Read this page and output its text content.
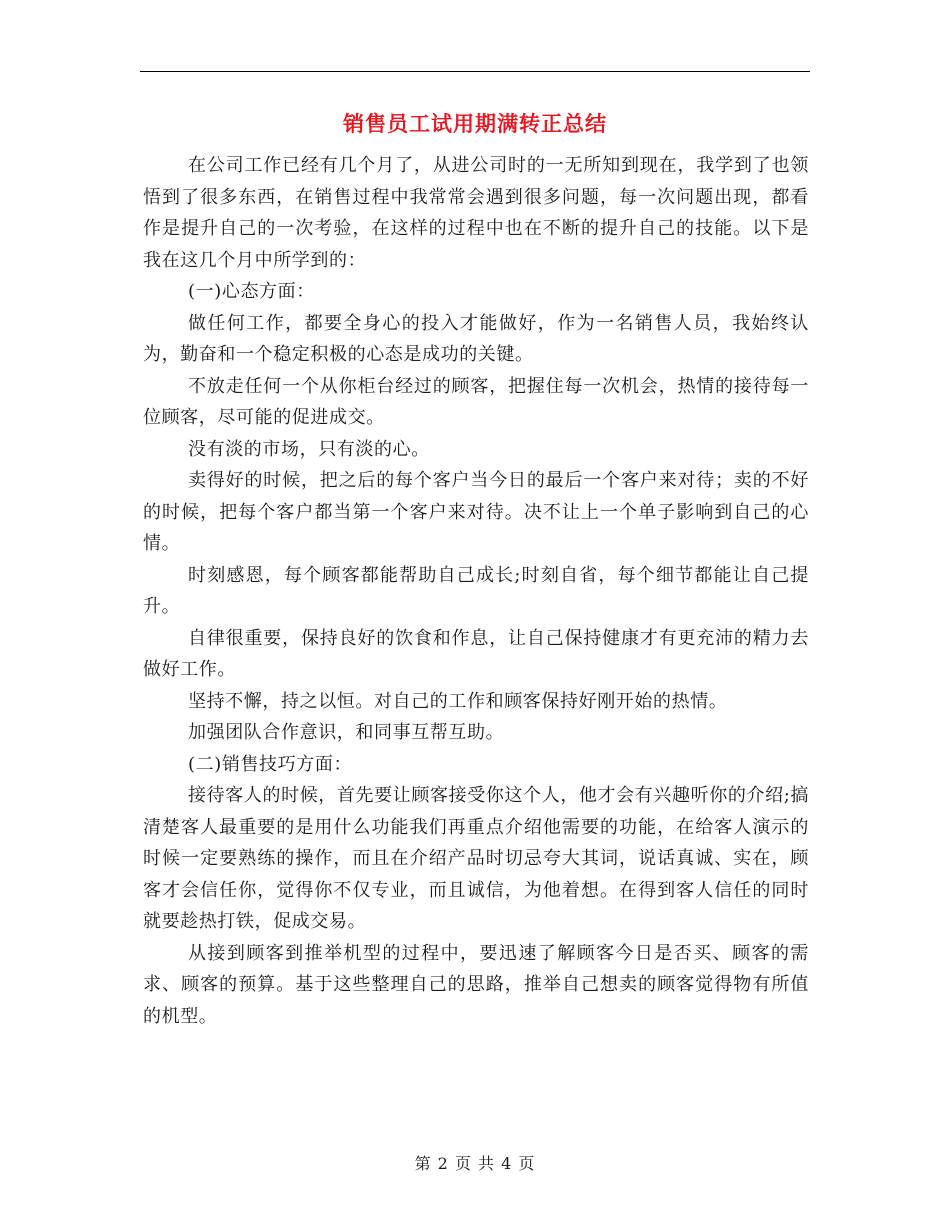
销售员工试用期满转正总结

在公司工作已经有几个月了，从进公司时的一无所知到现在，我学到了也领悟到了很多东西，在销售过程中我常常会遇到很多问题，每一次问题出现，都看作是提升自己的一次考验，在这样的过程中也在不断的提升自己的技能。以下是我在这几个月中所学到的：

(一)心态方面：

做任何工作，都要全身心的投入才能做好，作为一名销售人员，我始终认为，勤奋和一个稳定积极的心态是成功的关键。

不放走任何一个从你柜台经过的顾客，把握住每一次机会，热情的接待每一位顾客，尽可能的促进成交。

没有淡的市场，只有淡的心。

卖得好的时候，把之后的每个客户当今日的最后一个客户来对待；卖的不好的时候，把每个客户都当第一个客户来对待。决不让上一个单子影响到自己的心情。

时刻感恩，每个顾客都能帮助自己成长;时刻自省，每个细节都能让自己提升。

自律很重要，保持良好的饮食和作息，让自己保持健康才有更充沛的精力去做好工作。

坚持不懈，持之以恒。对自己的工作和顾客保持好刚开始的热情。

加强团队合作意识，和同事互帮互助。

(二)销售技巧方面：

接待客人的时候，首先要让顾客接受你这个人，他才会有兴趣听你的介绍;搞清楚客人最重要的是用什么功能我们再重点介绍他需要的功能，在给客人演示的时候一定要熟练的操作，而且在介绍产品时切忌夸大其词，说话真诚、实在，顾客才会信任你，觉得你不仅专业，而且诚信，为他着想。在得到客人信任的同时就要趁热打铁，促成交易。

从接到顾客到推举机型的过程中，要迅速了解顾客今日是否买、顾客的需求、顾客的预算。基于这些整理自己的思路，推举自己想卖的顾客觉得物有所值的机型。

第 2 页 共 4 页
